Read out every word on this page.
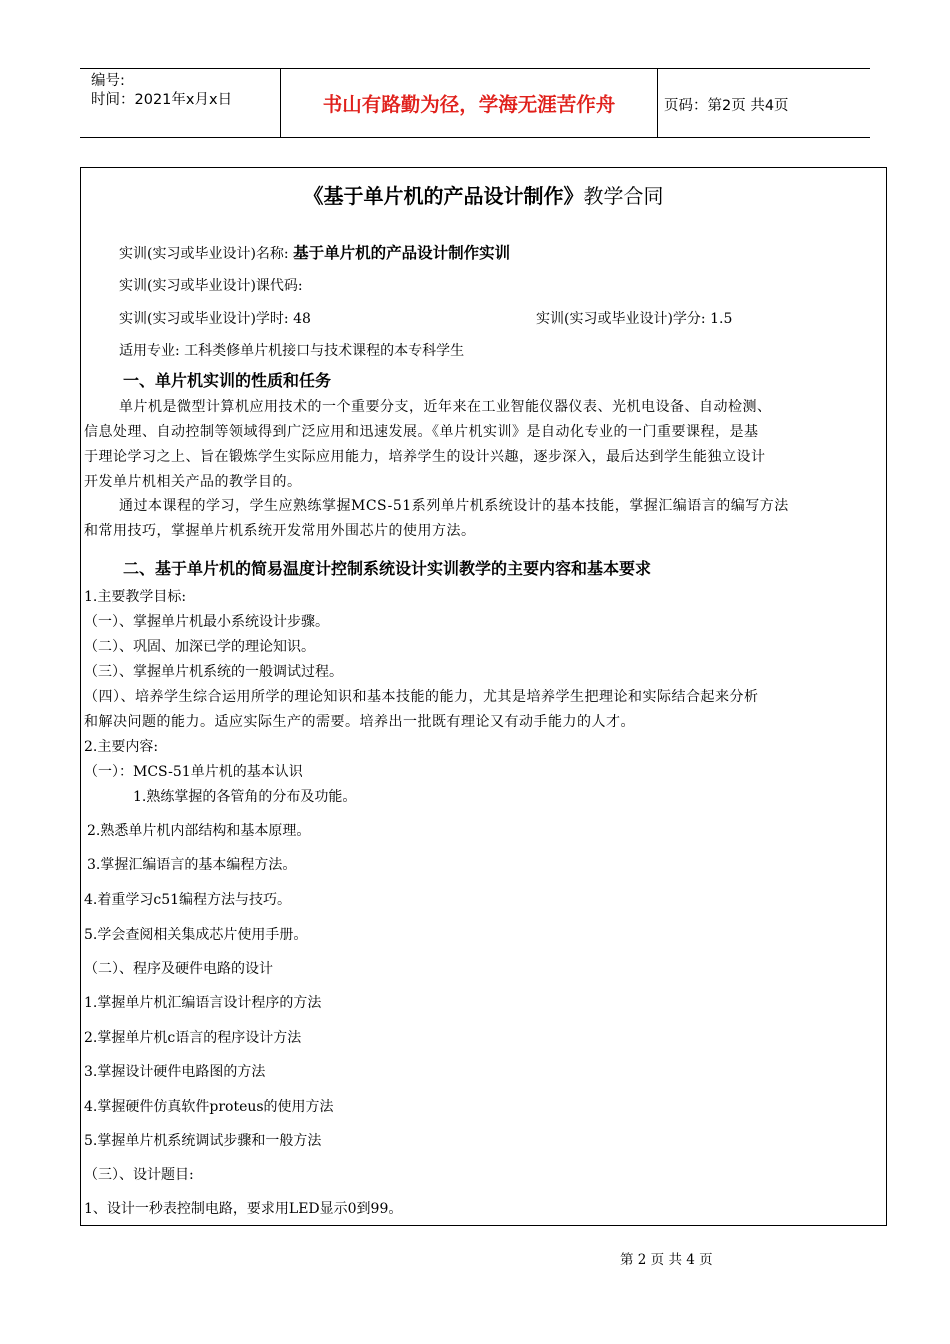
编号:
时间：2021年x月x日	书山有路勤为径，学海无涯苦作舟	页码：第2页 共4页
《基于单片机的产品设计制作》教学合同
实训(实习或毕业设计)名称: 基于单片机的产品设计制作实训
实训(实习或毕业设计)课代码:
实训(实习或毕业设计)学时: 48	实训(实习或毕业设计)学分: 1.5
适用专业: 工科类修单片机接口与技术课程的本专科学生
一、单片机实训的性质和任务
单片机是微型计算机应用技术的一个重要分支，近年来在工业智能仪器仪表、光机电设备、自动检测、
信息处理、自动控制等领域得到广泛应用和迅速发展。《单片机实训》是自动化专业的一门重要课程，是基
于理论学习之上、旨在锻炼学生实际应用能力，培养学生的设计兴趣，逐步深入，最后达到学生能独立设计
开发单片机相关产品的教学目的。
通过本课程的学习，学生应熟练掌握MCS-51系列单片机系统设计的基本技能，掌握汇编语言的编写方法
和常用技巧，掌握单片机系统开发常用外围芯片的使用方法。
二、基于单片机的简易温度计控制系统设计实训教学的主要内容和基本要求
1.主要教学目标:
（一）、掌握单片机最小系统设计步骤。
（二）、巩固、加深已学的理论知识。
（三）、掌握单片机系统的一般调试过程。
（四）、培养学生综合运用所学的理论知识和基本技能的能力，尤其是培养学生把理论和实际结合起来分析
和解决问题的能力。适应实际生产的需要。培养出一批既有理论又有动手能力的人才。
2.主要内容:
（一）：MCS-51单片机的基本认识
1.熟练掌握的各管角的分布及功能。
2.熟悉单片机内部结构和基本原理。
3.掌握汇编语言的基本编程方法。
4.着重学习c51编程方法与技巧。
5.学会查阅相关集成芯片使用手册。
（二）、程序及硬件电路的设计
1.掌握单片机汇编语言设计程序的方法
2.掌握单片机c语言的程序设计方法
3.掌握设计硬件电路图的方法
4.掌握硬件仿真软件proteus的使用方法
5.掌握单片机系统调试步骤和一般方法
（三）、设计题目:
1、设计一秒表控制电路，要求用LED显示0到99。
第 2 页 共 4 页
